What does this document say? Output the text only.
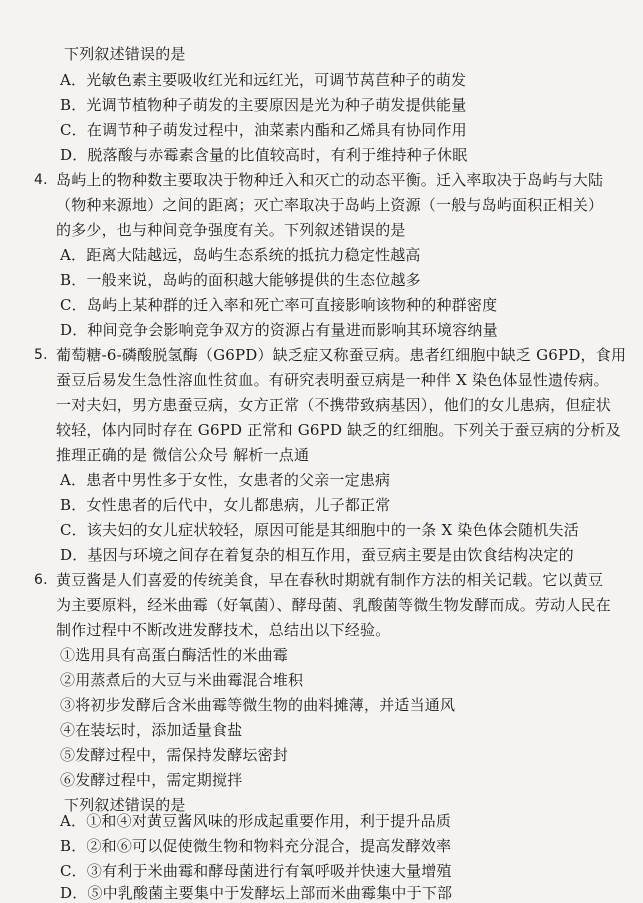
下列叙述错误的是
A．光敏色素主要吸收红光和远红光，可调节莴苣种子的萌发
B．光调节植物种子萌发的主要原因是光为种子萌发提供能量
C．在调节种子萌发过程中，油菜素内酯和乙烯具有协同作用
D．脱落酸与赤霉素含量的比值较高时，有利于维持种子休眠
4. 岛屿上的物种数主要取决于物种迁入和灭亡的动态平衡。迁入率取决于岛屿与大陆
（物种来源地）之间的距离；灭亡率取决于岛屿上资源（一般与岛屿面积正相关）
的多少，也与种间竞争强度有关。下列叙述错误的是
A．距离大陆越远，岛屿生态系统的抵抗力稳定性越高
B．一般来说，岛屿的面积越大能够提供的生态位越多
C．岛屿上某种群的迁入率和死亡率可直接影响该物种的种群密度
D．种间竞争会影响竞争双方的资源占有量进而影响其环境容纳量
5. 葡萄糖-6-磷酸脱氢酶（G6PD）缺乏症又称蚕豆病。患者红细胞中缺乏 G6PD，食用
蚕豆后易发生急性溶血性贫血。有研究表明蚕豆病是一种伴 X 染色体显性遗传病。
一对夫妇，男方患蚕豆病，女方正常（不携带致病基因），他们的女儿患病，但症状
较轻，体内同时存在 G6PD 正常和 G6PD 缺乏的红细胞。下列关于蚕豆病的分析及
推理正确的是 微信公众号 解析一点通
A．患者中男性多于女性，女患者的父亲一定患病
B．女性患者的后代中，女儿都患病，儿子都正常
C．该夫妇的女儿症状较轻，原因可能是其细胞中的一条 X 染色体会随机失活
D．基因与环境之间存在着复杂的相互作用，蚕豆病主要是由饮食结构决定的
6. 黄豆酱是人们喜爱的传统美食，早在春秋时期就有制作方法的相关记载。它以黄豆
为主要原料，经米曲霉（好氧菌）、酵母菌、乳酸菌等微生物发酵而成。劳动人民在
制作过程中不断改进发酵技术，总结出以下经验。
①选用具有高蛋白酶活性的米曲霉
②用蒸煮后的大豆与米曲霉混合堆积
③将初步发酵后含米曲霉等微生物的曲料摊薄，并适当通风
④在装坛时，添加适量食盐
⑤发酵过程中，需保持发酵坛密封
⑥发酵过程中，需定期搅拌
下列叙述错误的是
A．①和④对黄豆酱风味的形成起重要作用，利于提升品质
B．②和⑥可以促使微生物和物料充分混合，提高发酵效率
C．③有利于米曲霉和酵母菌进行有氧呼吸并快速大量增殖
D．⑤中乳酸菌主要集中于发酵坛上部而米曲霉集中于下部
